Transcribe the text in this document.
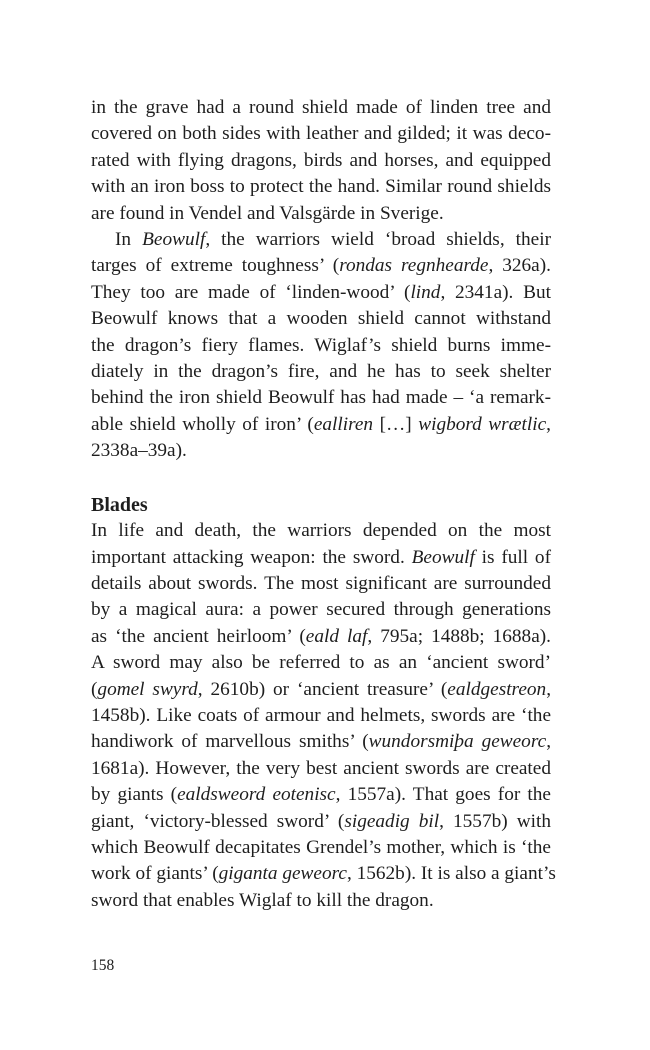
in the grave had a round shield made of linden tree and
covered on both sides with leather and gilded; it was deco-
rated with flying dragons, birds and horses, and equipped
with an iron boss to protect the hand. Similar round shields
are found in Vendel and Valsgärde in Sverige.

In Beowulf, the warriors wield ‘broad shields, their
targes of extreme toughness’ (rondas regnhearde, 326a).
They too are made of ‘linden-wood’ (lind, 2341a). But
Beowulf knows that a wooden shield cannot withstand
the dragon’s fiery flames. Wiglaf’s shield burns imme-
diately in the dragon’s fire, and he has to seek shelter
behind the iron shield Beowulf has had made – ‘a remark-
able shield wholly of iron’ (ealliren […] wigbord wrætlic,
2338a–39a).

Blades

In life and death, the warriors depended on the most
important attacking weapon: the sword. Beowulf is full of
details about swords. The most significant are surrounded
by a magical aura: a power secured through generations
as ‘the ancient heirloom’ (eald laf, 795a; 1488b; 1688a).
A sword may also be referred to as an ‘ancient sword’
(gomel swyrd, 2610b) or ‘ancient treasure’ (ealdgestreon,
1458b). Like coats of armour and helmets, swords are ‘the
handiwork of marvellous smiths’ (wundorsmiþa geweorc,
1681a). However, the very best ancient swords are created
by giants (ealdsweord eotenisc, 1557a). That goes for the
giant, ‘victory-blessed sword’ (sigeadig bil, 1557b) with
which Beowulf decapitates Grendel’s mother, which is ‘the
work of giants’ (giganta geweorc, 1562b). It is also a giant’s
sword that enables Wiglaf to kill the dragon.

158
